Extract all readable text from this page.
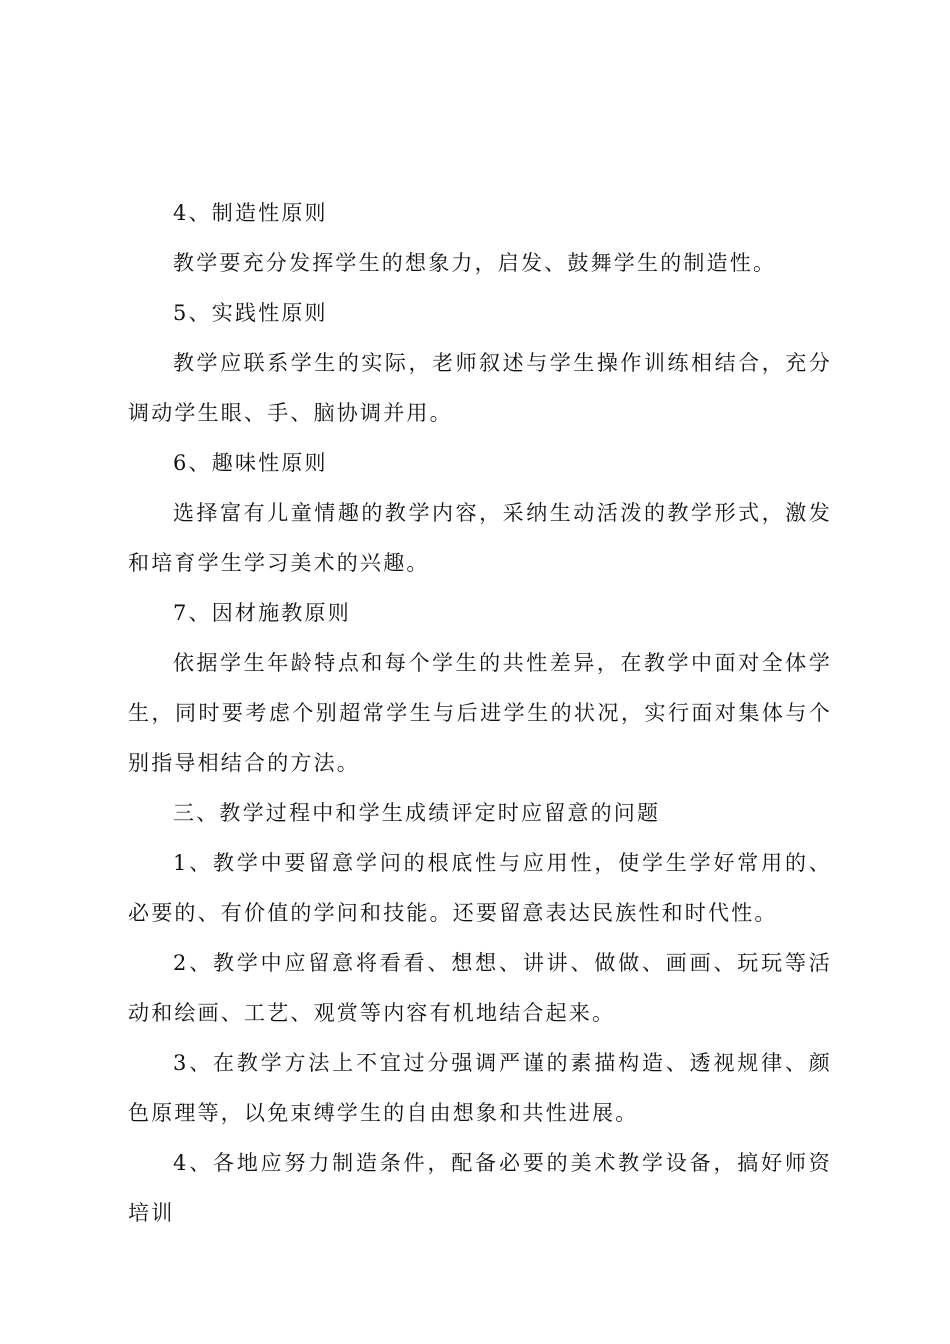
4、制造性原则

教学要充分发挥学生的想象力，启发、鼓舞学生的制造性。

5、实践性原则

教学应联系学生的实际，老师叙述与学生操作训练相结合，充分调动学生眼、手、脑协调并用。

6、趣味性原则

选择富有儿童情趣的教学内容，采纳生动活泼的教学形式，激发和培育学生学习美术的兴趣。

7、因材施教原则

依据学生年龄特点和每个学生的共性差异，在教学中面对全体学生，同时要考虑个别超常学生与后进学生的状况，实行面对集体与个别指导相结合的方法。

三、教学过程中和学生成绩评定时应留意的问题

1、教学中要留意学问的根底性与应用性，使学生学好常用的、必要的、有价值的学问和技能。还要留意表达民族性和时代性。

2、教学中应留意将看看、想想、讲讲、做做、画画、玩玩等活动和绘画、工艺、观赏等内容有机地结合起来。

3、在教学方法上不宜过分强调严谨的素描构造、透视规律、颜色原理等，以免束缚学生的自由想象和共性进展。

4、各地应努力制造条件，配备必要的美术教学设备，搞好师资培训
